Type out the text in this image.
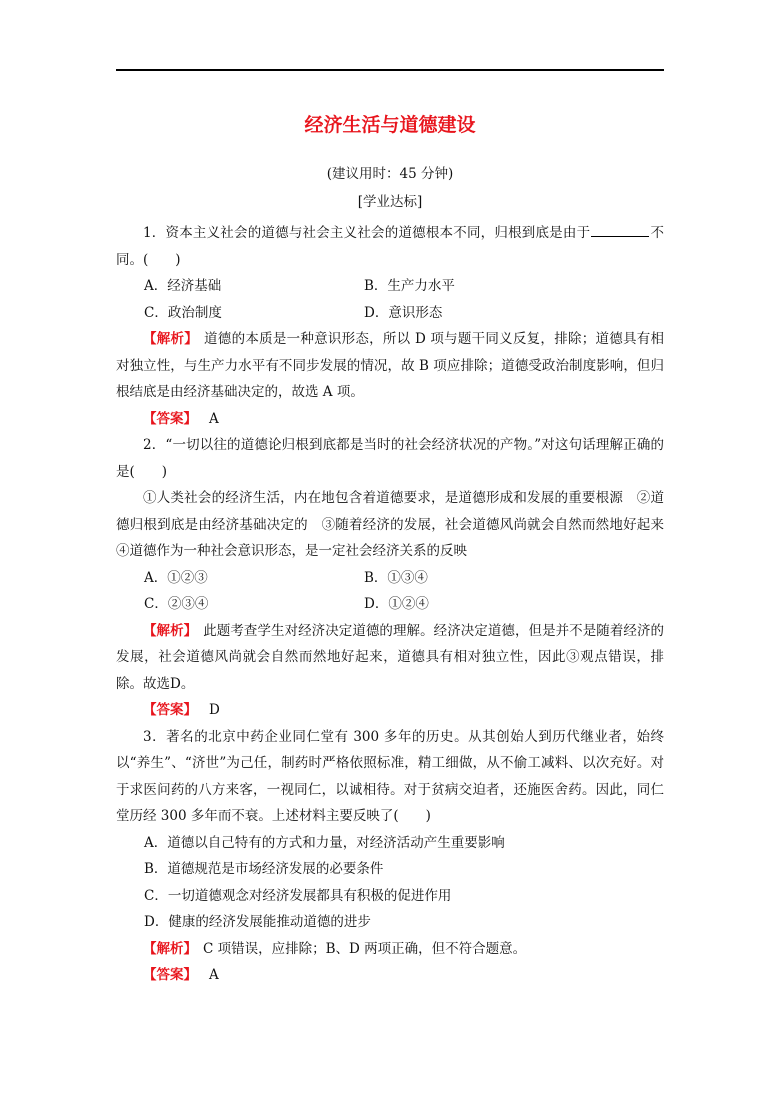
经济生活与道德建设
(建议用时：45 分钟)
[学业达标]

1．资本主义社会的道德与社会主义社会的道德根本不同，归根到底是由于	不同。(　　)

A．经济基础	B．生产力水平
C．政治制度	D．意识形态

【解析】 道德的本质是一种意识形态，所以 D 项与题干同义反复，排除；道德具有相对独立性，与生产力水平有不同步发展的情况，故 B 项应排除；道德受政治制度影响，但归根结底是由经济基础决定的，故选 A 项。

【答案】 A

2．“一切以往的道德论归根到底都是当时的社会经济状况的产物。”对这句话理解正确的是(　　)

①人类社会的经济生活，内在地包含着道德要求，是道德形成和发展的重要根源　②道德归根到底是由经济基础决定的　③随着经济的发展，社会道德风尚就会自然而然地好起来　④道德作为一种社会意识形态，是一定社会经济关系的反映

A．①②③	B．①③④
C．②③④	D．①②④

【解析】 此题考查学生对经济决定道德的理解。经济决定道德，但是并不是随着经济的发展，社会道德风尚就会自然而然地好起来，道德具有相对独立性，因此③观点错误，排除。故选D。

【答案】 D

3．著名的北京中药企业同仁堂有 300 多年的历史。从其创始人到历代继业者，始终以“养生”、“济世”为己任，制药时严格依照标准，精工细做，从不偷工减料、以次充好。对于求医问药的八方来客，一视同仁，以诚相待。对于贫病交迫者，还施医舍药。因此，同仁堂历经 300 多年而不衰。上述材料主要反映了(　　)

A．道德以自己特有的方式和力量，对经济活动产生重要影响
B．道德规范是市场经济发展的必要条件
C．一切道德观念对经济发展都具有积极的促进作用
D．健康的经济发展能推动道德的进步

【解析】 C 项错误，应排除；B、D 两项正确，但不符合题意。

【答案】 A
